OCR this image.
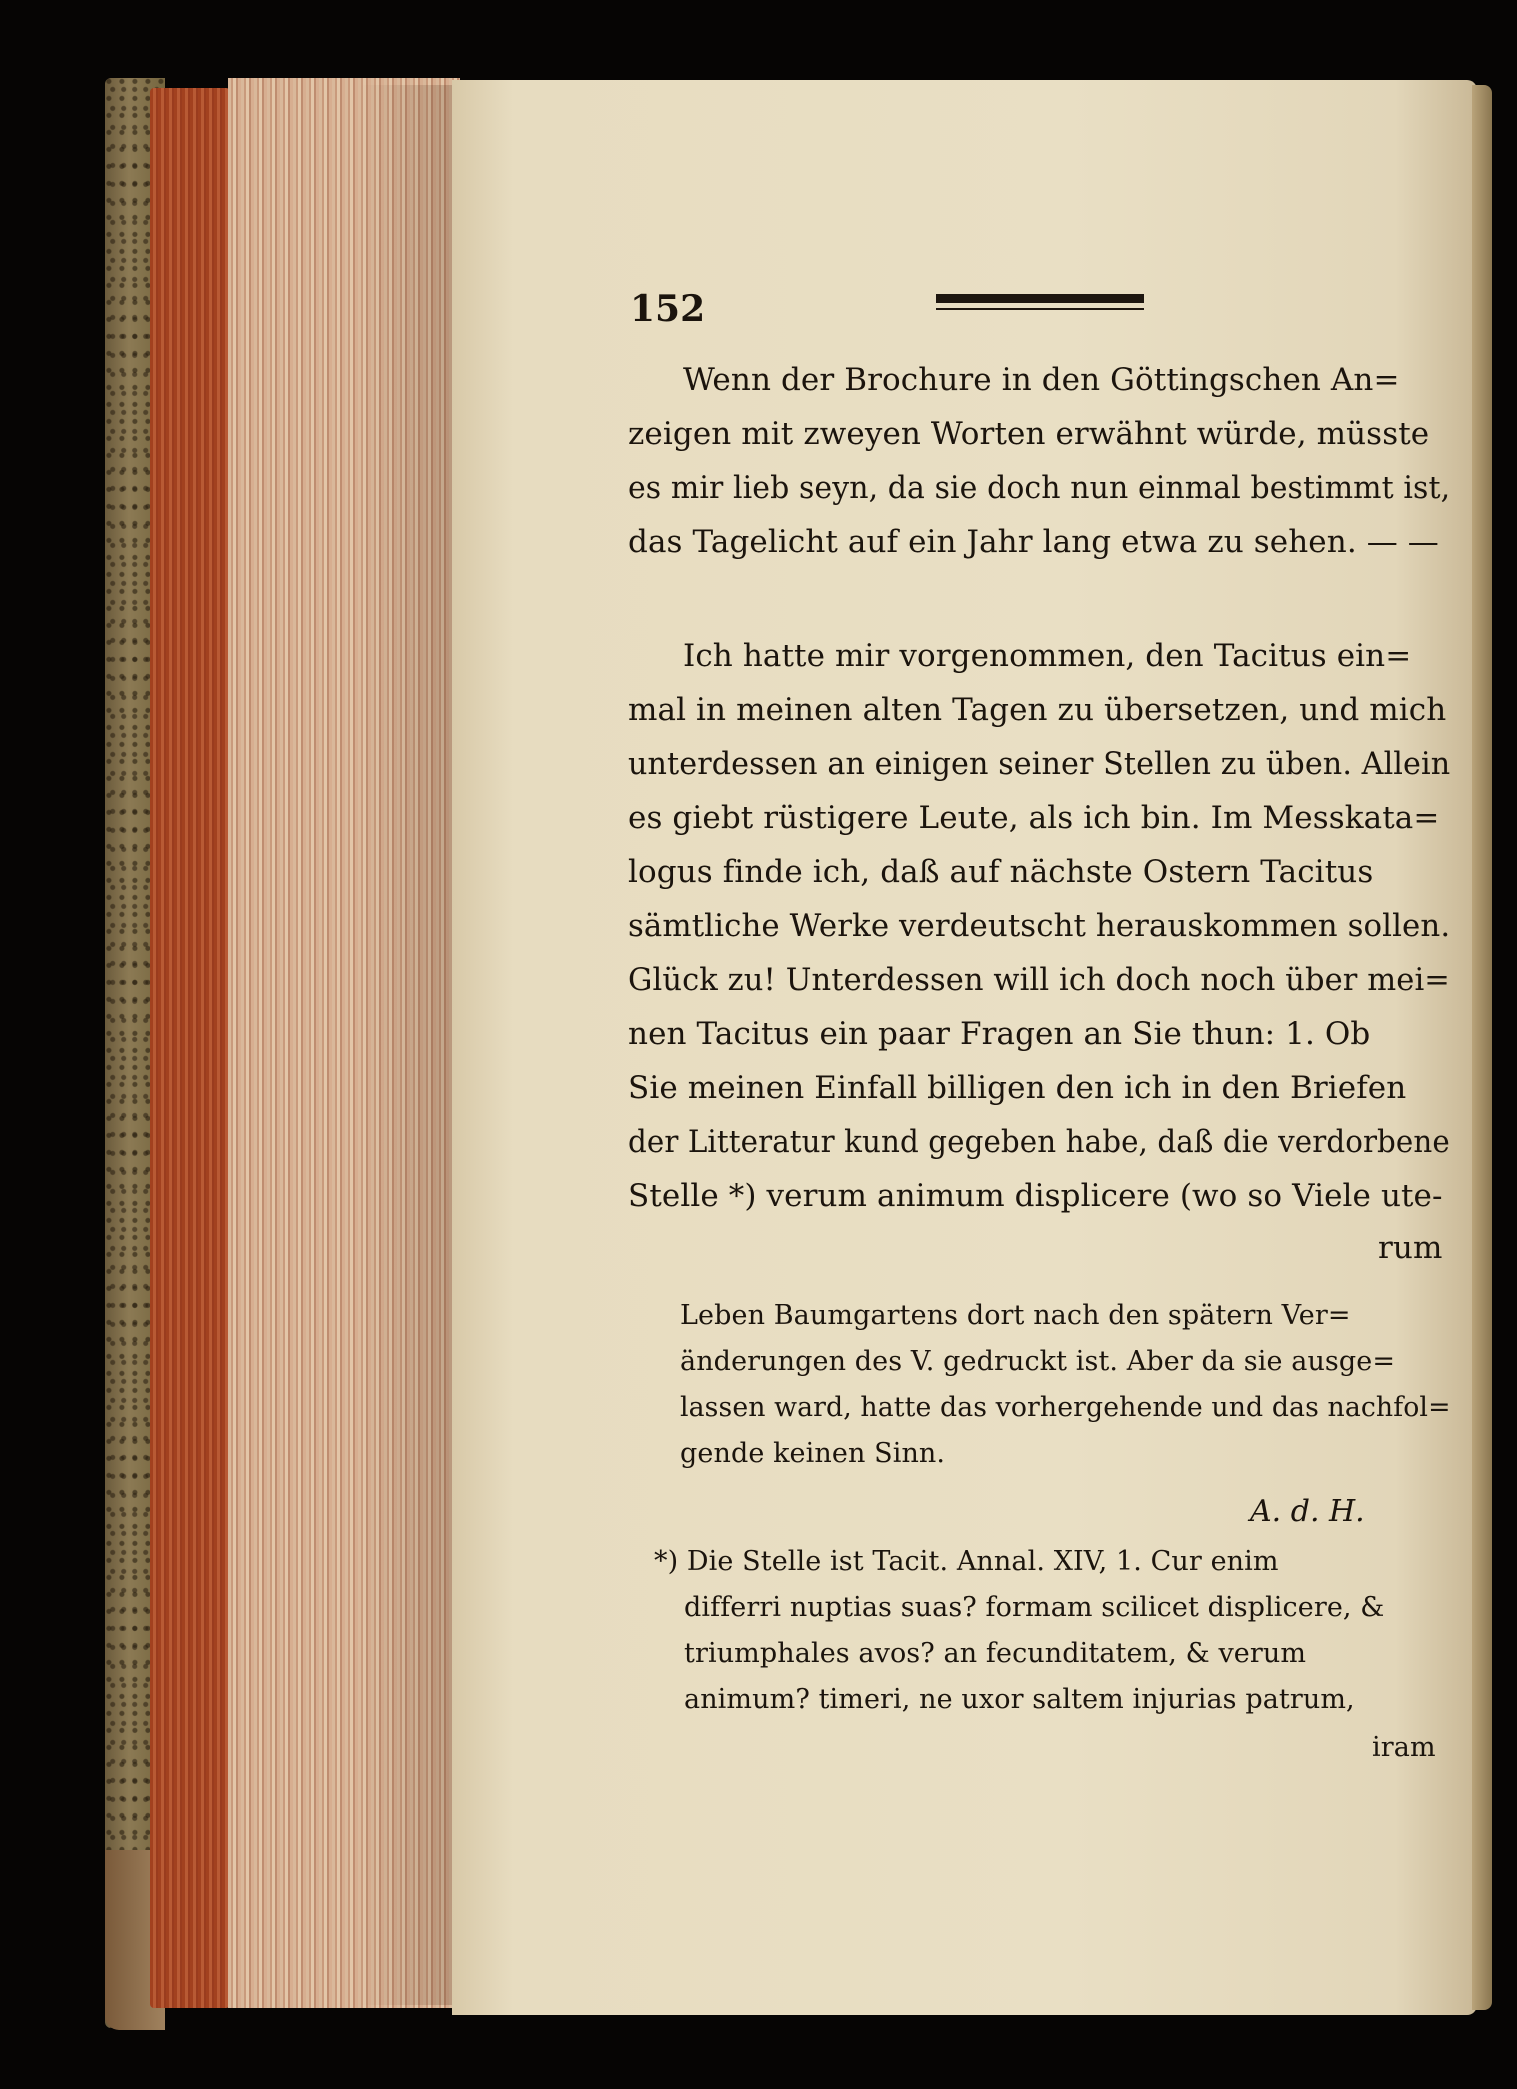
152
Wenn der Brochure in den Göttingschen An=
zeigen mit zweyen Worten erwähnt würde, müsste
es mir lieb seyn, da sie doch nun einmal bestimmt ist,
das Tagelicht auf ein Jahr lang etwa zu sehen. — —
Ich hatte mir vorgenommen, den Tacitus ein=
mal in meinen alten Tagen zu übersetzen, und mich
unterdessen an einigen seiner Stellen zu üben. Allein
es giebt rüstigere Leute, als ich bin. Im Messkata=
logus finde ich, daß auf nächste Ostern Tacitus
sämtliche Werke verdeutscht herauskommen sollen.
Glück zu! Unterdessen will ich doch noch über mei=
nen Tacitus ein paar Fragen an Sie thun: 1. Ob
Sie meinen Einfall billigen den ich in den Briefen
der Litteratur kund gegeben habe, daß die verdorbene
Stelle *) verum animum displicere (wo so Viele ute-
rum
Leben Baumgartens dort nach den spätern Ver=
änderungen des V. gedruckt ist. Aber da sie ausge=
lassen ward, hatte das vorhergehende und das nachfol=
gende keinen Sinn.
A. d. H.
*) Die Stelle ist Tacit. Annal. XIV, 1. Cur enim
differri nuptias suas? formam scilicet displicere, &
triumphales avos? an fecunditatem, & verum
animum? timeri, ne uxor saltem injurias patrum,
iram
